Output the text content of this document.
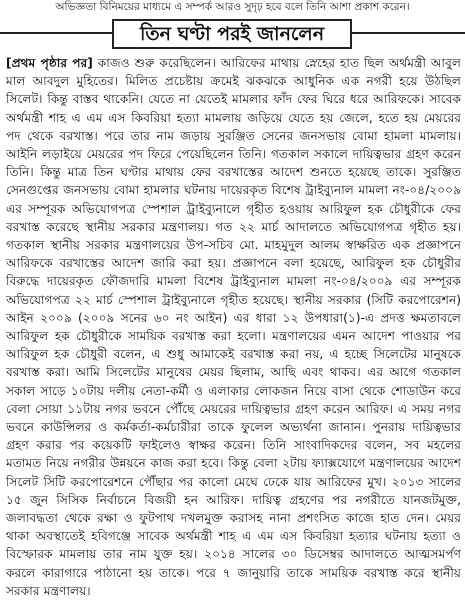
অভিজ্ঞতা বিনিময়ের মাধ্যমে এ সম্পর্ক আরও সুদৃঢ় হবে বলে তিনি আশা প্রকাশ করেন।
তিন ঘণ্টা পরই জানলেন
[প্রথম পৃষ্ঠার পর] কাজও শুরু করেছিলেন। আরিফের মাথায় স্নেহের হাত ছিল অর্থমন্ত্রী আবুল মাল আবদুল মুহিতের। মিলিত প্রচেষ্টায় ক্রমেই ঝকঝকে আধুনিক এক নগরী হয়ে উঠছিল সিলেট। কিন্তু বাস্তব থাকেনি। যেতে না যেতেই মামলার ফাঁদ ফের ঘিরে ধরে আরিফকে। সাবেক অর্থমন্ত্রী শাহ এ এম এস কিবরিয়া হত্যা মামলায় জড়িয়ে যেতে হয় জেলে, হতে হয় মেয়রের পদ থেকে বরখাস্ত। পরে তার নাম জড়ায় সুরঞ্জিত সেনের জনসভায় বোমা হামলা মামলায়। আইনি লড়াইয়ে মেয়রের পদ ফিরে পেয়েছিলেন তিনি। গতকাল সকালে দায়িত্বভার গ্রহণ করেন তিনি। কিন্তু মাত্র তিন ঘণ্টার মাথায় ফের বরখাস্তের আদেশ শুনতে হয়েছে তাকে। সুরঞ্জিত সেনগুপ্তের জনসভায় বোমা হামলার ঘটনায় দায়েরকৃত বিশেষ ট্রাইব্যুনাল মামলা নং-০৪/২০০৯ এর সম্পূরক অভিযোগপত্র স্পেশাল ট্রাইব্যুনালে গৃহীত হওয়ায় আরিফুল হক চৌধুরীকে ফের বরখাস্ত করেছে স্থানীয় সরকার মন্ত্রণালয়। গত ২২ মার্চ আদালতে অভিযোগপত্র গৃহীত হয়। গতকাল স্থানীয় সরকার মন্ত্রণালয়ের উপ-সচিব মো. মাহমুদুল আলম স্বাক্ষরিত এক প্রজ্ঞাপনে আরিফকে বরখাস্তের আদেশ জারি করা হয়। প্রজ্ঞাপনে বলা হয়েছে, আরিফুল হক চৌধুরীর বিরুদ্ধে দায়েরকৃত ফৌজদারি মামলা বিশেষ ট্রাইব্যুনাল মামলা নং-০৪/২০০৯ এর সম্পূরক অভিযোগপত্র ২২ মার্চ স্পেশাল ট্রাইব্যুনালে গৃহীত হয়েছে। স্থানীয় সরকার (সিটি করপোরেশন) আইন ২০০৯ (২০০৯ সনের ৬০ নং আইন) এর ধারা ১২ উপধারা(১)-এ প্রদত্ত ক্ষমতাবলে আরিফুল হক চৌধুরীকে সাময়িক বরখাস্ত করা হলো। মন্ত্রণালয়ের এমন আদেশ পাওয়ার পর আরিফুল হক চৌধুরী বলেন, এ শুধু আমাকেই বরখাস্ত করা নয়, এ হচ্ছে সিলেটের মানুষকে বরখাস্ত করা। আমি সিলেটের মানুষের মেয়র ছিলাম, আছি এবং থাকব। এর আগে গতকাল সকাল সাড়ে ১০টায় দলীয় নেতা-কর্মী ও এলাকার লোকজন নিয়ে বাসা থেকে শোডাউন করে বেলা সোয়া ১১টায় নগর ভবনে পৌঁছে মেয়রের দায়িত্বভার গ্রহণ করেন আরিফ। এ সময় নগর ভবনে কাউন্সিলর ও কর্মকর্তা-কর্মচারীরা তাকে ফুলেল অভ্যর্থনা জানান। পুনরায় দায়িত্বভার গ্রহণ করার পর কয়েকটি ফাইলেও স্বাক্ষর করেন। তিনি সাংবাদিকদের বলেন, সব মহলের মতামত নিয়ে নগরীর উন্নয়নে কাজ করা হবে। কিন্তু বেলা ২টায় ফ্যাক্সযোগে মন্ত্রণালয়ের আদেশ সিলেট সিটি করপোরেশনে পৌঁছার পর কালো মেঘে ঢেকে যায় আরিফের মুখ। ২০১৩ সালের ১৫ জুন সিসিক নির্বাচনে বিজয়ী হন আরিফ। দায়িত্ব গ্রহণের পর নগরীতে যানজটমুক্ত, জলাবদ্ধতা থেকে রক্ষা ও ফুটপাথ দখলমুক্ত করাসহ নানা প্রশংসিত কাজে হাত দেন। মেয়র থাকা অবস্থাতেই হবিগঞ্জে সাবেক অর্থমন্ত্রী শাহ এ এম এস কিবরিয়া হত্যার ঘটনায় হত্যা ও বিস্ফোরক মামলায় তার নাম যুক্ত হয়। ২০১৪ সালের ৩০ ডিসেম্বর আদালতে আত্মসমর্পণ করলে কারাগারে পাঠানো হয় তাকে। পরে ৭ জানুয়ারি তাকে সাময়িক বরখাস্ত করে স্থানীয় সরকার মন্ত্রণালয়।
